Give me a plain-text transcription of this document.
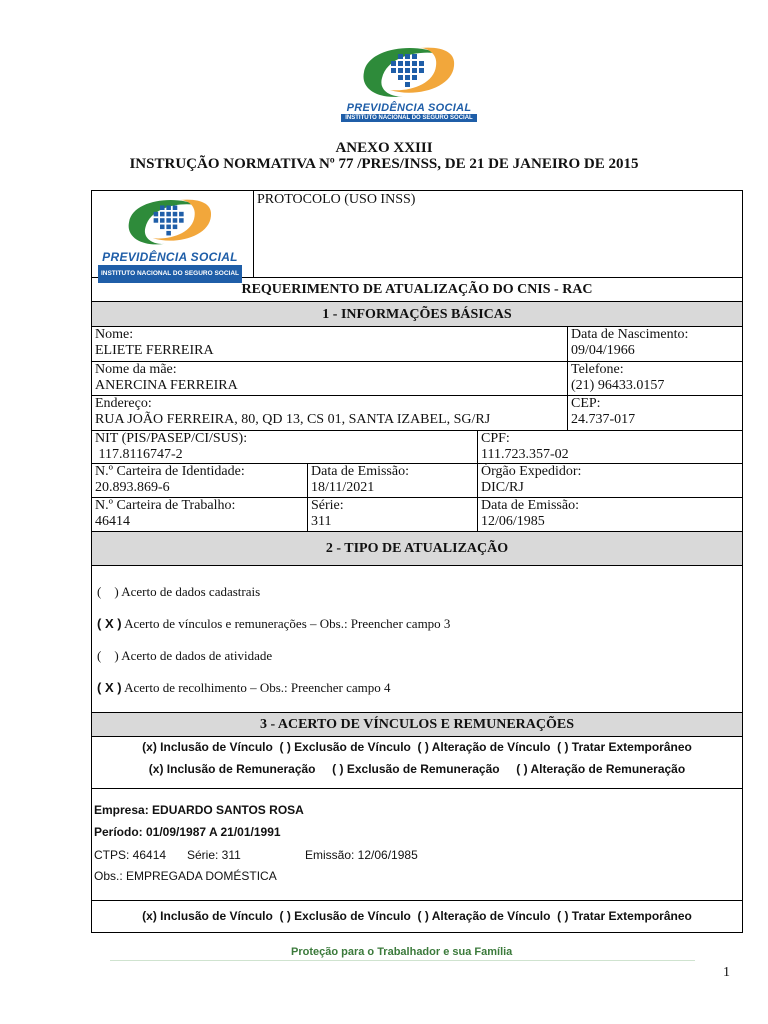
PREVIDÊNCIA SOCIAL
INSTITUTO NACIONAL DO SEGURO SOCIAL
ANEXO XXIII
INSTRUÇÃO NORMATIVA Nº 77 /PRES/INSS, DE 21 DE JANEIRO DE 2015
PREVIDÊNCIA SOCIAL
INSTITUTO NACIONAL DO SEGURO SOCIAL
PROTOCOLO (USO INSS)
REQUERIMENTO DE ATUALIZAÇÃO DO CNIS - RAC
1 - INFORMAÇÕES BÁSICAS
Nome:
ELIETE FERREIRA
Data de Nascimento:
09/04/1966
Nome da mãe:
ANERCINA FERREIRA
Telefone:
(21) 96433.0157
Endereço:
RUA JOÃO FERREIRA, 80, QD 13, CS 01, SANTA IZABEL, SG/RJ
CEP:
24.737-017
NIT (PIS/PASEP/CI/SUS):
117.8116747-2
CPF:
111.723.357-02
N.º Carteira de Identidade:
20.893.869-6
Data de Emissão:
18/11/2021
Órgão Expedidor:
DIC/RJ
N.º Carteira de Trabalho:
46414
Série:
311
Data de Emissão:
12/06/1985
2 - TIPO DE ATUALIZAÇÃO
(    ) Acerto de dados cadastrais
( X ) Acerto de vínculos e remunerações – Obs.: Preencher campo 3
(    ) Acerto de dados de atividade
( X ) Acerto de recolhimento – Obs.: Preencher campo 4
3 - ACERTO DE VÍNCULOS E REMUNERAÇÕES
(x) Inclusão de Vínculo  ( ) Exclusão de Vínculo  ( ) Alteração de Vínculo  ( ) Tratar Extemporâneo
(x) Inclusão de Remuneração     ( ) Exclusão de Remuneração     ( ) Alteração de Remuneração
Empresa: EDUARDO SANTOS ROSA
Período: 01/09/1987 A 21/01/1991
CTPS: 46414 Série: 311	Emissão: 12/06/1985
Obs.: EMPREGADA DOMÉSTICA
(x) Inclusão de Vínculo  ( ) Exclusão de Vínculo  ( ) Alteração de Vínculo  ( ) Tratar Extemporâneo
Proteção para o Trabalhador e sua Família
1
